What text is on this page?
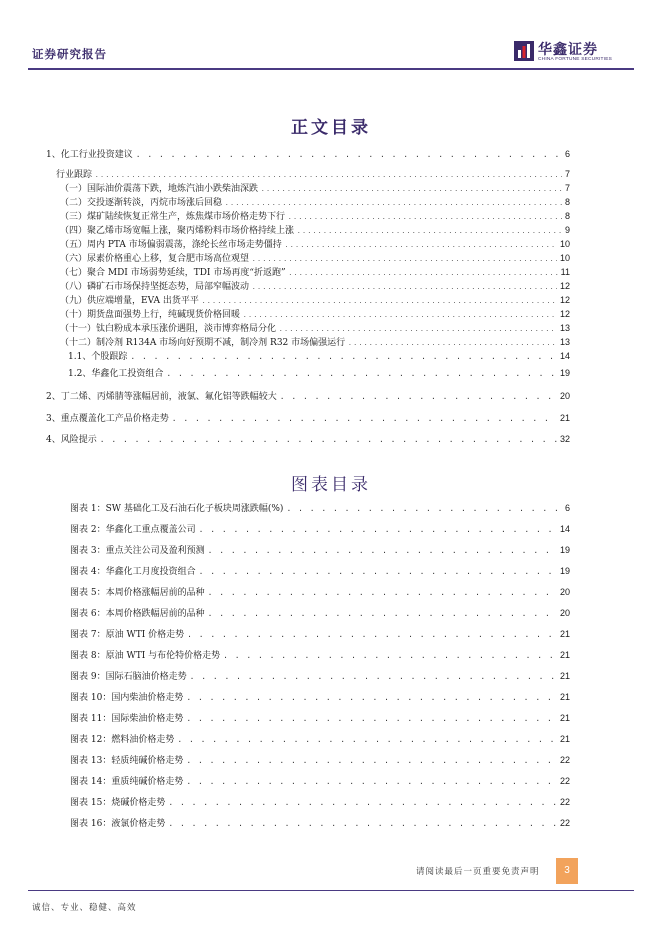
证券研究报告	华鑫证券
CHINA FORTUNE SECURITIES
正文目录
1、 化工行业投资建议 . . .	6
行业跟踪 . . .	7
（一）国际油价震荡下跌，地炼汽油小跌柴油深跌 . . .	7
（二）交投逐渐转淡，丙烷市场涨后回稳 . . .	8
（三）煤矿陆续恢复正常生产，炼焦煤市场价格走势下行 . . .	8
（四）聚乙烯市场宽幅上涨，聚丙烯粉料市场价格持续上涨 . . .	9
（五）周内 PTA 市场偏弱震荡，涤纶长丝市场走势僵持 . . .	10
（六）尿素价格重心上移，复合肥市场高位观望 . . .	10
（七）聚合 MDI 市场弱势延续，TDI 市场再度“折返跑” . . .	11
（八）磷矿石市场保持坚挺态势，局部窄幅波动 . . .	12
（九）供应端增量，EVA 出货平平 . . .	12
（十）期货盘面强势上行，纯碱现货价格回暖 . . .	12
（十一）钛白粉成本承压涨价遇阻，淡市博弈格局分化 . . .	13
（十二）制冷剂 R134A 市场向好预期不减，制冷剂 R32 市场偏强运行 . . .	13
1.1、 个股跟踪 . . .	14
1.2、 华鑫化工投资组合 . . .	19
2、 丁二烯、丙烯腈等涨幅居前，液氯、氟化铝等跌幅较大 . . .	20
3、 重点覆盖化工产品价格走势 . . .	21
4、 风险提示 . . .	32
图表目录
图表 1：SW 基础化工及石油石化子板块周涨跌幅(%) . . .	6
图表 2：华鑫化工重点覆盖公司 . . .	14
图表 3：重点关注公司及盈利预测 . . .	19
图表 4：华鑫化工月度投资组合 . . .	19
图表 5：本周价格涨幅居前的品种 . . .	20
图表 6：本周价格跌幅居前的品种 . . .	20
图表 7：原油 WTI 价格走势 . . .	21
图表 8：原油 WTI 与布伦特价格走势 . . .	21
图表 9：国际石脑油价格走势 . . .	21
图表 10：国内柴油价格走势 . . .	21
图表 11：国际柴油价格走势 . . .	21
图表 12：燃料油价格走势 . . .	21
图表 13：轻质纯碱价格走势 . . .	22
图表 14：重质纯碱价格走势 . . .	22
图表 15：烧碱价格走势 . . .	22
图表 16：液氯价格走势 . . .	22
请阅读最后一页重要免责声明	3
诚信、专业、稳健、高效
